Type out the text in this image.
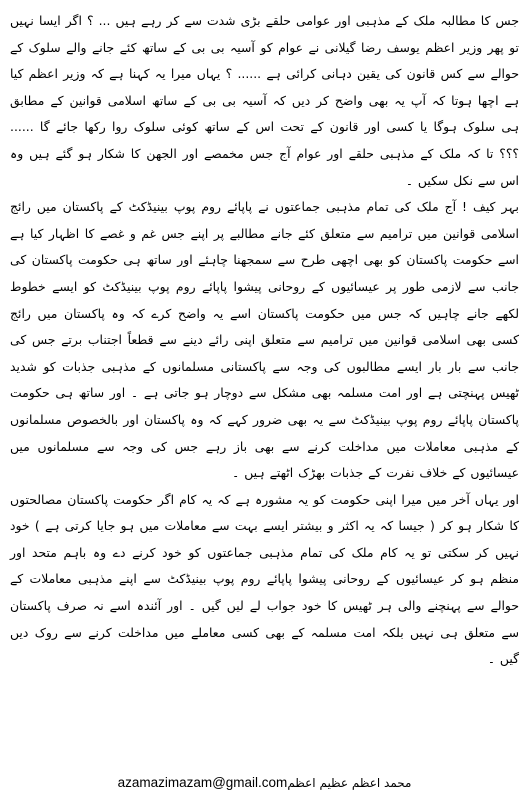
جس کا مطالبہ ملک کے مذہبی اور عوامی حلقے بڑی شدت سے کر رہے ہیں ... ؟ اگر ایسا نہیں تو پھر وزیر اعظم یوسف رضا گیلانی نے عوام کو آسیہ بی بی کے ساتھ کئے جانے والے سلوک کے حوالے سے کس قانون کی یقین دہانی کرائی ہے ...... ؟ یہاں میرا یہ کہنا ہے کہ وزیر اعظم کیا ہے اچھا ہوتا کہ آپ یہ بھی واضح کر دیں کہ آسیہ بی بی کے ساتھ اسلامی قوانین کے مطابق ہی سلوک ہوگا یا کسی اور قانون کے تحت اس کے ساتھ کوئی سلوک روا رکھا جائے گا ...... ؟؟؟ تا کہ ملک کے مذہبی حلقے اور عوام آج جس مخمصے اور الجھن کا شکار ہو گئے ہیں وہ اس سے نکل سکیں ۔

بہر کیف ! آج ملک کی تمام مذہبی جماعتوں نے پاپائے روم پوپ بینیڈکٹ کے پاکستان میں رائج اسلامی قوانین میں ترامیم سے متعلق کئے جانے مطالبے پر اپنے جس غم و غصے کا اظہار کیا ہے اسے حکومت پاکستان کو بھی اچھی طرح سے سمجھنا چاہئے اور ساتھ ہی حکومت پاکستان کی جانب سے لازمی طور پر عیسائیوں کے روحانی پیشوا پاپائے روم پوپ بینیڈکٹ کو ایسے خطوط لکھے جانے چاہیں کہ جس میں حکومت پاکستان اسے یہ واضح کرے کہ وہ پاکستان میں رائج کسی بھی اسلامی قوانین میں ترامیم سے متعلق اپنی رائے دینے سے قطعاً اجتناب برتے جس کی جانب سے بار بار ایسے مطالبوں کی وجہ سے پاکستانی مسلمانوں کے مذہبی جذبات کو شدید ٹھیس پہنچتی ہے اور امت مسلمہ بھی مشکل سے دوچار ہو جاتی ہے ۔ اور ساتھ ہی حکومت پاکستان پاپائے روم پوپ بینیڈکٹ سے یہ بھی ضرور کہے کہ وہ پاکستان اور بالخصوص مسلمانوں کے مذہبی معاملات میں مداخلت کرنے سے بھی باز رہے جس کی وجہ سے مسلمانوں میں عیسائیوں کے خلاف نفرت کے جذبات بھڑک اٹھتے ہیں ۔

اور یہاں آخر میں میرا اپنی حکومت کو یہ مشورہ ہے کہ یہ کام اگر حکومت پاکستان مصالحتوں کا شکار ہو کر ( جیسا کہ یہ اکثر و بیشتر ایسے بہت سے معاملات میں ہو جایا کرتی ہے ) خود نہیں کر سکتی تو یہ کام ملک کی تمام مذہبی جماعتوں کو خود کرنے دے وہ باہم متحد اور منظم ہو کر عیسائیوں کے روحانی پیشوا پاپائے روم پوپ بینیڈکٹ سے اپنے مذہبی معاملات کے حوالے سے پہنچنے والی ہر ٹھیس کا خود جواب لے لیں گیں ۔ اور آئندہ اسے نہ صرف پاکستان سے متعلق ہی نہیں بلکہ امت مسلمہ کے بھی کسی معاملے میں مداخلت کرنے سے روک دیں گیں ۔

azamazimazam@gmail.comمحمد اعظم عظیم اعظم
